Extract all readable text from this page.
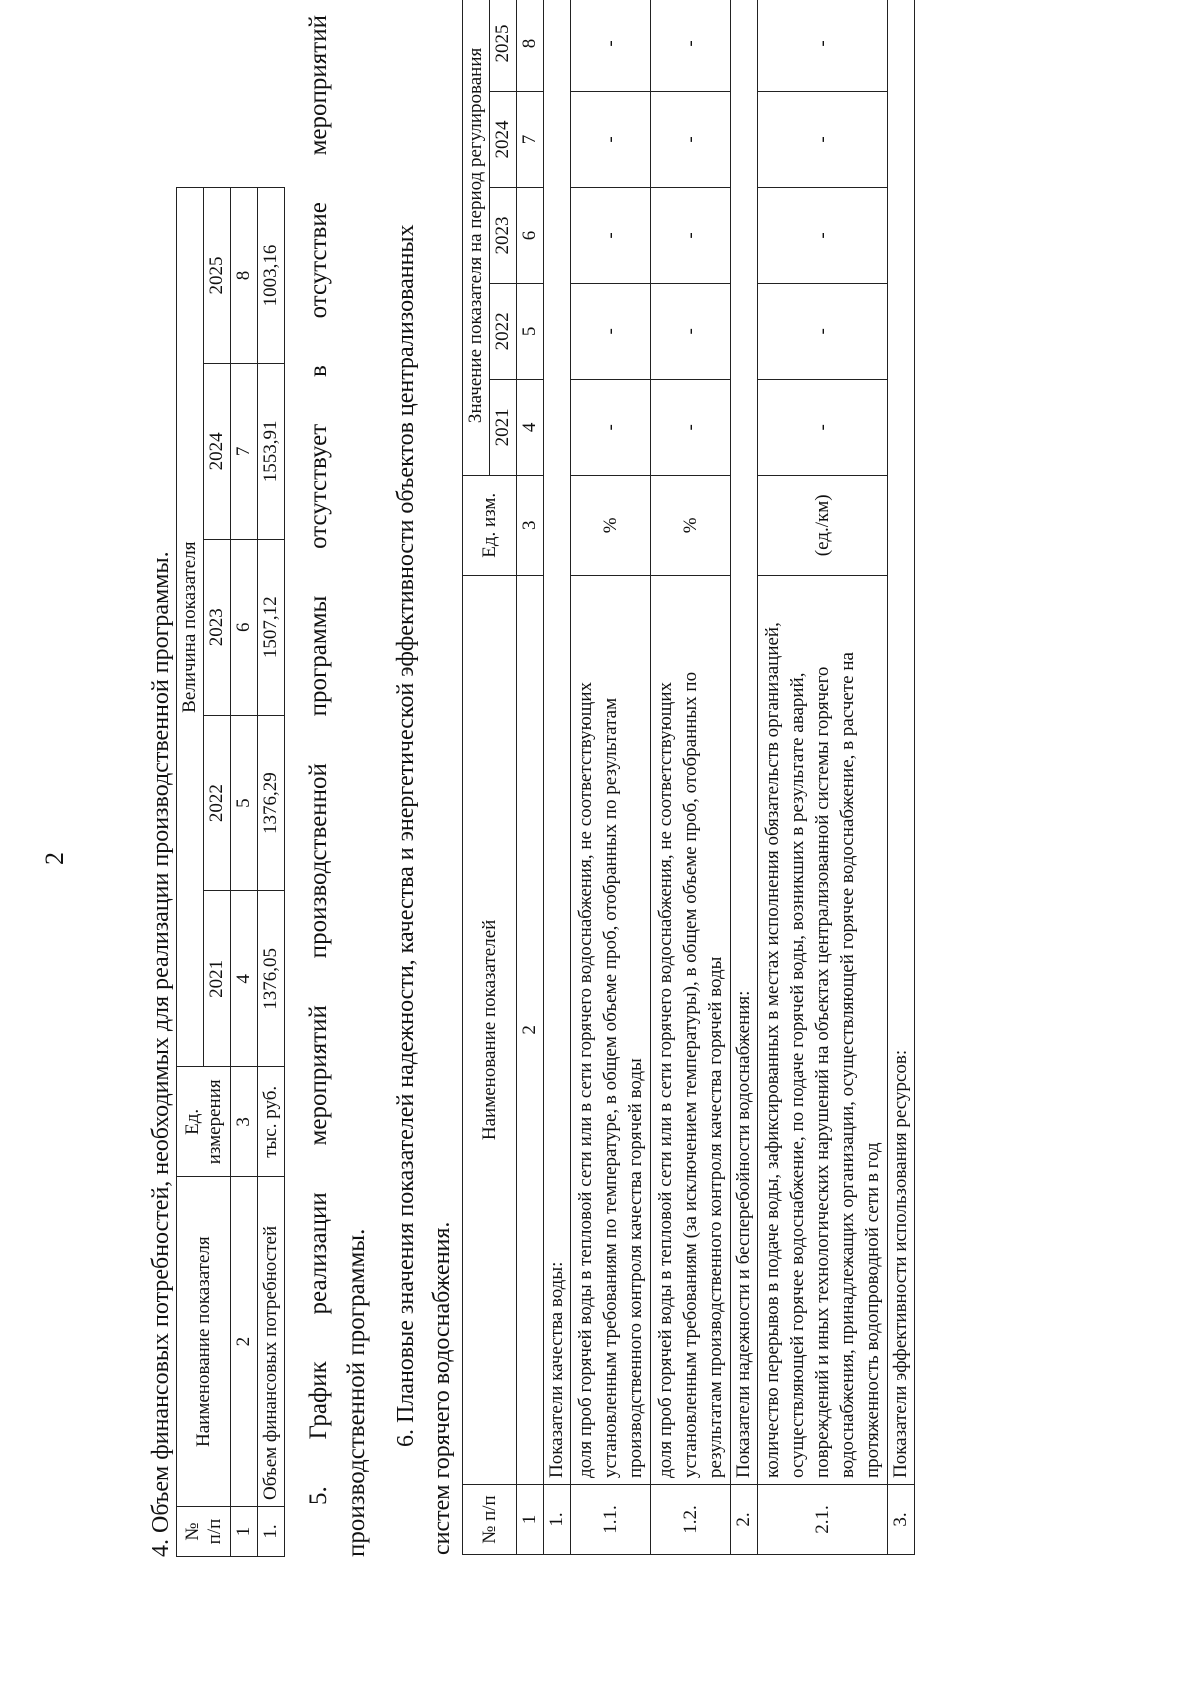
2	4. Объем финансовых потребностей, необходимых для реализации производственной программы. № п/п	Наименование показателя	Ед. измерения	Величина показателя				
			2021	2022	2023	2024	2025
1	2	3	4	5	6	7	8
1.	Объем финансовых потребностей	тыс. руб.	1376,05	1376,29	1507,12	1553,91	1003,16
5.
График
реализации
мероприятий
производственной
программы
отсутствует
в
отсутствие
мероприятий
производственной программы. 6. Плановые значения показателей надежности, качества и энергетической эффективности объектов централизованных систем горячего водоснабжения. № п/п	Наименование показателей	Ед. изм.	Значение показателя на период регулирования				
			2021	2022	2023	2024	2025
1	2	3	4	5	6	7	8
1.	Показатели качества воды:						
1.1.	доля проб горячей воды в тепловой сети или в сети горячего водоснабжения, не соответствующих установленным требованиям по температуре, в общем объеме проб, отобранных по результатам производственного контроля качества горячей воды	%	-	-	-	-	-
1.2.	доля проб горячей воды в тепловой сети или в сети горячего водоснабжения, не соответствующих установленным требованиям (за исключением температуры), в общем объеме проб, отобранных по результатам производственного контроля качества горячей воды	%	-	-	-	-	-
2.	Показатели надежности и бесперебойности водоснабжения:						
2.1.	количество перерывов в подаче воды, зафиксированных в местах исполнения обязательств организацией, осуществляющей горячее водоснабжение, по подаче горячей воды, возникших в результате аварий, повреждений и иных технологических нарушений на объектах централизованной системы горячего водоснабжения, принадлежащих организации, осуществляющей горячее водоснабжение, в расчете на протяженность водопроводной сети в год	(ед./км)	-	-	-	-	-
3.	Показатели эффективности использования ресурсов:						
